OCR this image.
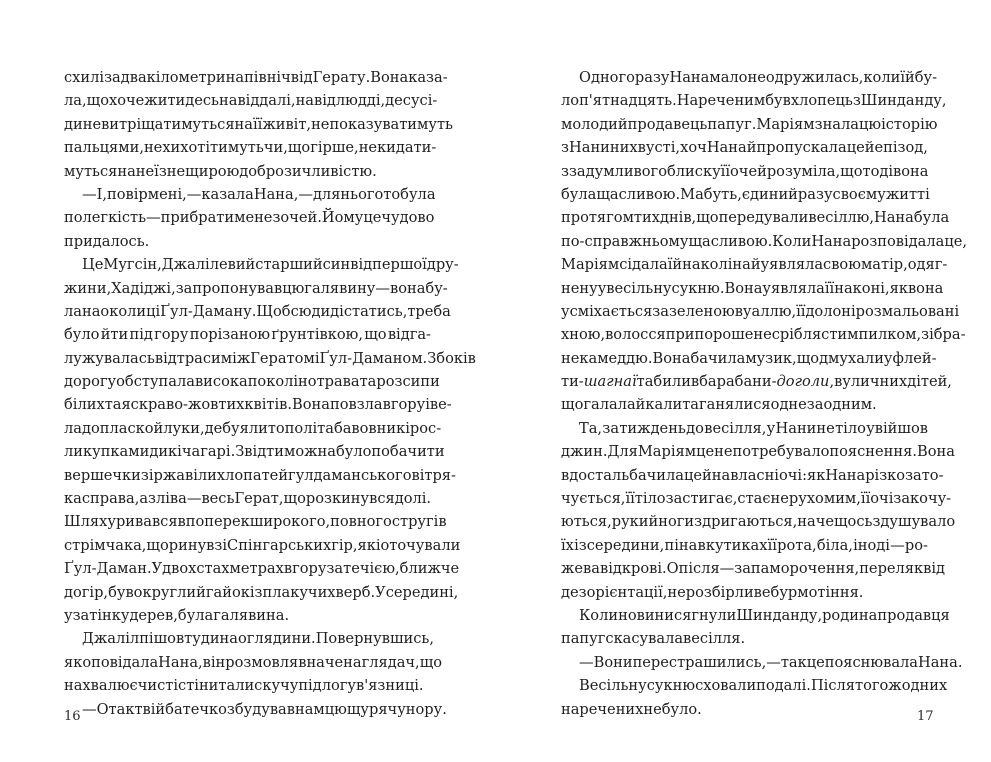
схилі за два кілометри на північ від Герату. Вона каза-
ла, що хоче жити десь на віддалі, на відлюдді, де сусі-
ди не витріщатимуться на її живіт, не показуватимуть
пальцями, не хихотітимуть чи, що гірше, не кидати-
муться на неї з нещирою доброзичливістю.
— І, повір мені, — казала Нана, — для нього то була
полегкість — прибрати мене з очей. Йому це чудово
придалось.
Це Мугсін, Джалілевий старший син від першої дру-
жини, Хадіджі, запропонував цю галявину — вона бу-
ла на околиці Ґул-Даману. Щоб сюди дістатись, треба
було йти під гору порізаною ґрунтівкою, що відга-
лужувалась від траси між Гератом і Ґул-Даманом. З боків
дорогу обступала висока по коліно трава та розсипи
білих та яскраво-жовтих квітів. Вона повзла вгору і ве-
ла до плаской луки, де буяли тополі та бавовник і рос-
ли купками дикі чагарі. Звідти можна було побачити
вершечки зіржавілих лопатей гулдаманського вітря-
ка справа, а зліва — весь Герат, що розкинувся долі.
Шлях уривався впоперек широкого, повного стругів
стрімчака, що ринув зі Спінгарських гір, які оточували
Ґул-Даман. У двохстах метрах вгору за течією, ближче
до гір, був округлий гайок із плакучих верб. Усередині,
у затінку дерев, була галявина.
Джаліл пішов туди на оглядини. Повернувшись,
як оповідала Нана, він розмовляв наче наглядач, що
нахвалює чисті стіни та лискучу підлогу в'язниці.
— Отак твій батечко збудував нам цю щурячу нору.
Одного разу Нана мало не одружилась, коли їй бу-
ло п'ятнадцять. Нареченим був хлопець з Шинданду,
молодий продавець папуг. Маріям знала цю історію
з Наниних вуст і, хоч Нана й пропускала цей епізод,
з задумливого блиску її очей розуміла, що тоді вона
була щасливою. Мабуть, єдиний раз у своєму житті
протягом тих днів, що передували весіллю, Нана була
по-справжньому щасливою. Коли Нана розповідала це,
Маріям сідала їй на коліна й уявляла свою матір, одяг-
нену у весільну сукню. Вона уявляла її на коні, як вона
усміхається за зеленою вуаллю, її долоні розмальовані
хною, волосся припорошене сріблястим пилком, зібра-
не камеддю. Вона бачила музик, що дмухали у флей-
ти-шагнаї та били в барабани-доголи, вуличних дітей,
що галалайкали та ганялися одне за одним.
Та, за тиждень до весілля, у Нанине тіло увійшов
джин. Для Маріям це не потребувало пояснення. Вона
вдосталь бачила це й на власні очі: як Нана різко зато-
чується, її тіло застигає, стає нерухомим, її очі закочу-
ються, руки й ноги здригаються, наче щось здушувало
їх ізсередини, піна в кутиках її рота, біла, іноді — ро-
жева від крові. Опісля — запаморочення, переляк від
дезорієнтації, нерозбірливе бурмотіння.
Коли новини сягнули Шинданду, родина продавця
папуг скасувала весілля.
— Вони перестрашились, — так це пояснювала Нана.
Весільну сукню сховали подалі. Після того жодних
наречених не було.
16	17
